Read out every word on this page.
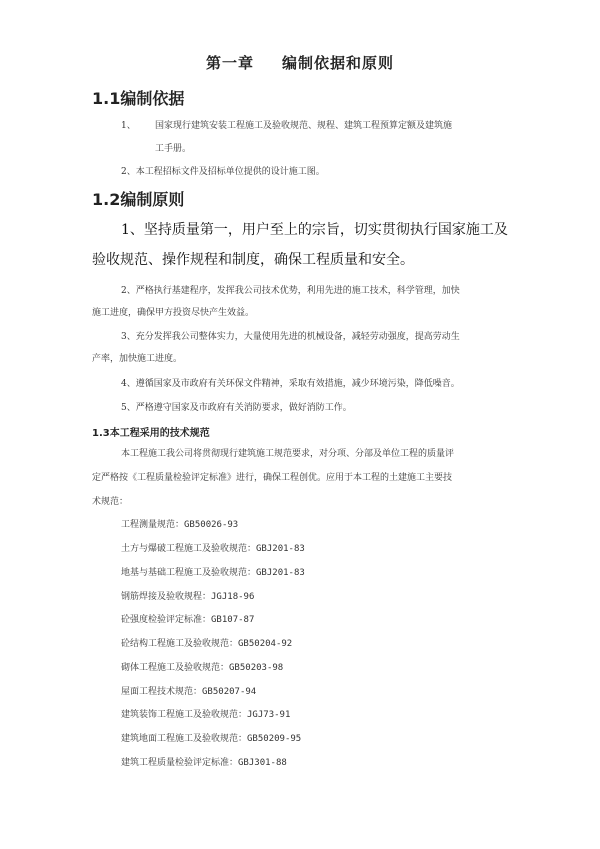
第一章 编制依据和原则
1.1编制依据
1、 国家现行建筑安装工程施工及验收规范、规程、建筑工程预算定额及建筑施
工手册。
2、本工程招标文件及招标单位提供的设计施工图。
1.2编制原则
1、坚持质量第一，用户至上的宗旨，切实贯彻执行国家施工及
验收规范、操作规程和制度，确保工程质量和安全。
2、严格执行基建程序，发挥我公司技术优势，利用先进的施工技术，科学管理，加快
施工进度，确保甲方投资尽快产生效益。
3、充分发挥我公司整体实力，大量使用先进的机械设备，减轻劳动强度，提高劳动生
产率，加快施工进度。
4、遵循国家及市政府有关环保文件精神，采取有效措施，减少环境污染，降低噪音。
5、严格遵守国家及市政府有关消防要求，做好消防工作。
1.3本工程采用的技术规范
本工程施工我公司将贯彻现行建筑施工规范要求，对分项、分部及单位工程的质量评
定严格按《工程质量检验评定标准》进行，确保工程创优。应用于本工程的土建施工主要技
术规范：
工程测量规范：GB50026-93
土方与爆破工程施工及验收规范：GBJ201-83
地基与基础工程施工及验收规范：GBJ201-83
钢筋焊接及验收规程：JGJ18-96
砼强度检验评定标准：GB107-87
砼结构工程施工及验收规范：GB50204-92
砌体工程施工及验收规范：GB50203-98
屋面工程技术规范：GB50207-94
建筑装饰工程施工及验收规范：JGJ73-91
建筑地面工程施工及验收规范：GB50209-95
建筑工程质量检验评定标准：GBJ301-88
